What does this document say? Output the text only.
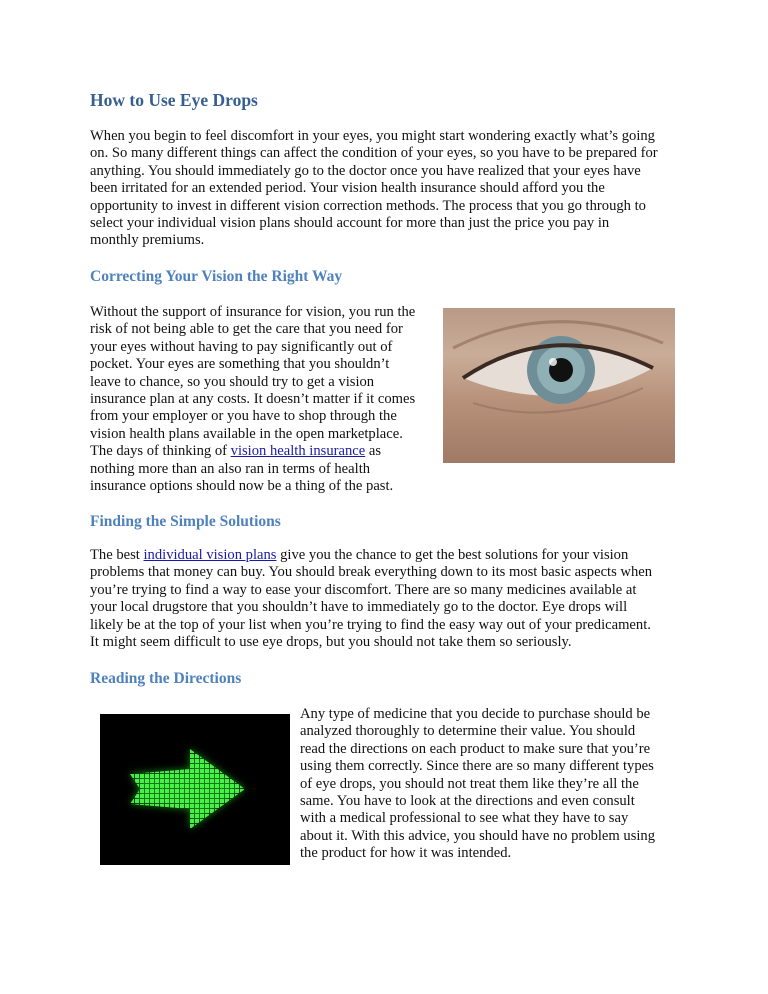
How to Use Eye Drops
When you begin to feel discomfort in your eyes, you might start wondering exactly what’s going
on. So many different things can affect the condition of your eyes, so you have to be prepared for
anything. You should immediately go to the doctor once you have realized that your eyes have
been irritated for an extended period. Your vision health insurance should afford you the
opportunity to invest in different vision correction methods. The process that you go through to
select your individual vision plans should account for more than just the price you pay in
monthly premiums.
Correcting Your Vision the Right Way
Without the support of insurance for vision, you run the
risk of not being able to get the care that you need for
your eyes without having to pay significantly out of
pocket. Your eyes are something that you shouldn’t
leave to chance, so you should try to get a vision
insurance plan at any costs. It doesn’t matter if it comes
from your employer or you have to shop through the
vision health plans available in the open marketplace.
The days of thinking of vision health insurance as
nothing more than an also ran in terms of health
insurance options should now be a thing of the past.
Finding the Simple Solutions
The best individual vision plans give you the chance to get the best solutions for your vision
problems that money can buy. You should break everything down to its most basic aspects when
you’re trying to find a way to ease your discomfort. There are so many medicines available at
your local drugstore that you shouldn’t have to immediately go to the doctor. Eye drops will
likely be at the top of your list when you’re trying to find the easy way out of your predicament.
It might seem difficult to use eye drops, but you should not take them so seriously.
Reading the Directions
Any type of medicine that you decide to purchase should be
analyzed thoroughly to determine their value. You should
read the directions on each product to make sure that you’re
using them correctly. Since there are so many different types
of eye drops, you should not treat them like they’re all the
same. You have to look at the directions and even consult
with a medical professional to see what they have to say
about it. With this advice, you should have no problem using
the product for how it was intended.
